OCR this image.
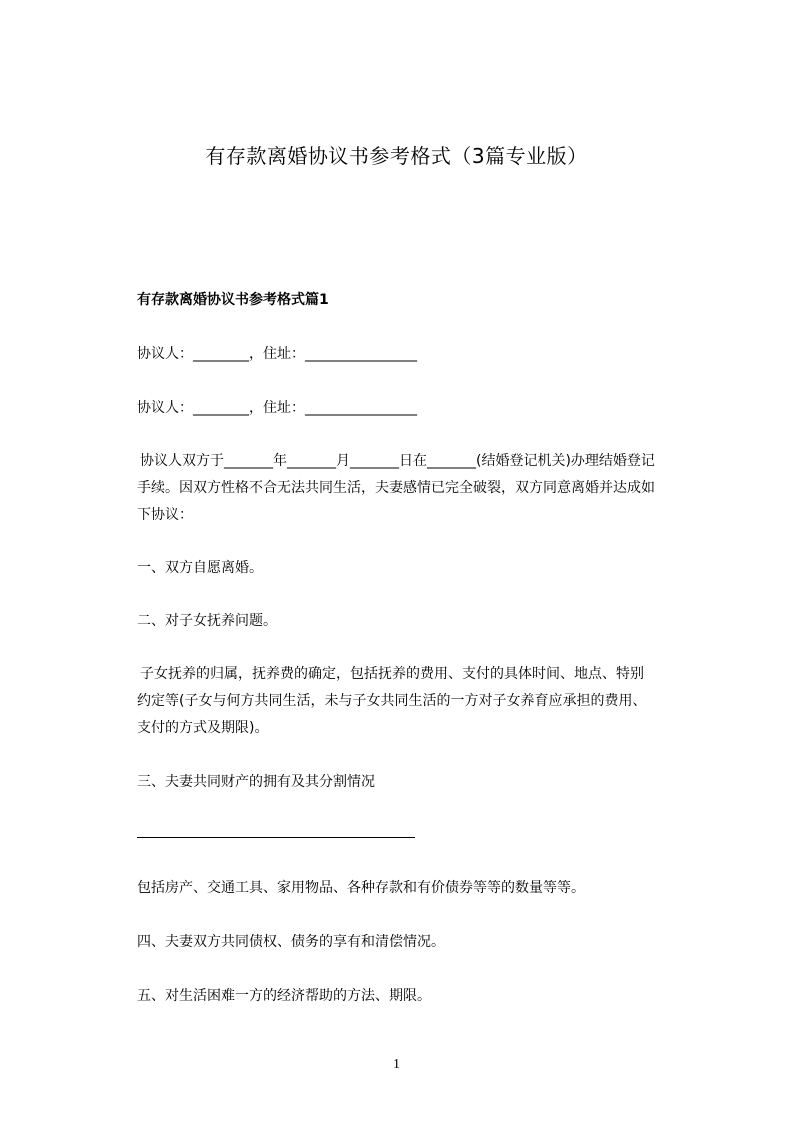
有存款离婚协议书参考格式（3篇专业版）
有存款离婚协议书参考格式篇1
协议人：________，住址：________________
协议人：________，住址：________________
协议人双方于_______年_______月_______日在_______(结婚登记机关)办理结婚登记手续。因双方性格不合无法共同生活，夫妻感情已完全破裂，双方同意离婚并达成如下协议：
一、双方自愿离婚。
二、对子女抚养问题。
子女抚养的归属，抚养费的确定，包括抚养的费用、支付的具体时间、地点、特别约定等(子女与何方共同生活，未与子女共同生活的一方对子女养育应承担的费用、支付的方式及期限)。
三、夫妻共同财产的拥有及其分割情况
包括房产、交通工具、家用物品、各种存款和有价债券等等的数量等等。
四、夫妻双方共同债权、债务的享有和清偿情况。
五、对生活困难一方的经济帮助的方法、期限。
1
